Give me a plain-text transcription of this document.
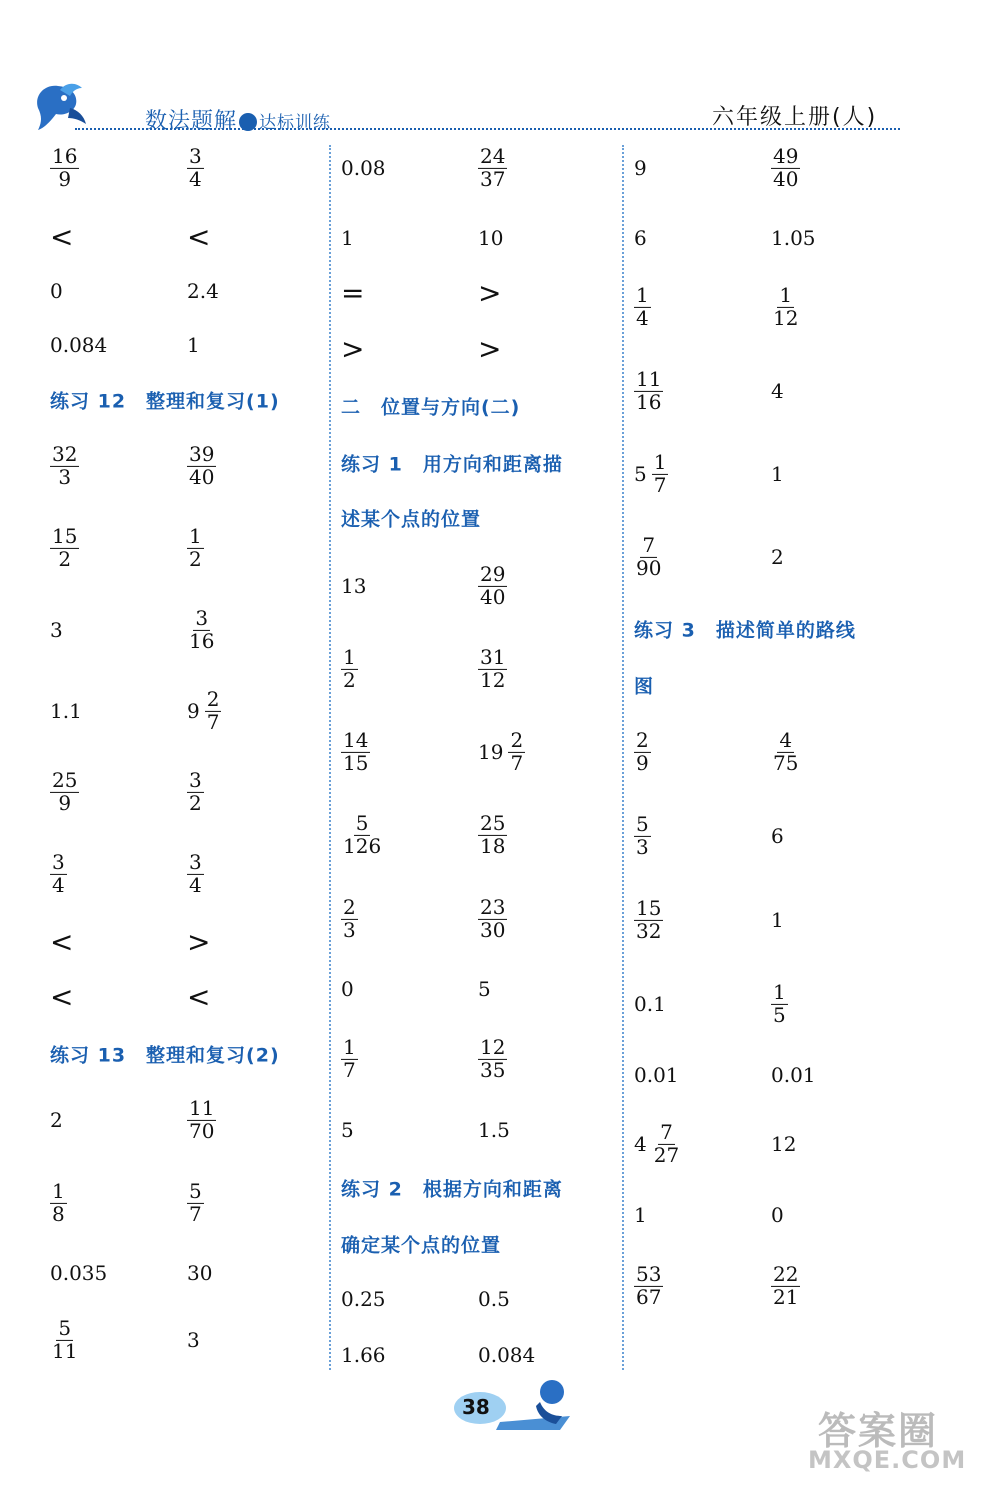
数法题解 达标训练	六年级上册(人)
$\frac{16}{9}$	$\frac{3}{4}$
<	<
0	2.4
0.084	1
练习 12　整理和复习(1)
$\frac{32}{3}$	$\frac{39}{40}$
$\frac{15}{2}$	$\frac{1}{2}$
3	$\frac{3}{16}$
1.1	$9 \frac{2}{7}$
$\frac{25}{9}$	$\frac{3}{2}$
$\frac{3}{4}$	$\frac{3}{4}$
<	>
<	<
练习 13　整理和复习(2)
2	$\frac{11}{70}$
$\frac{1}{8}$	$\frac{5}{7}$
0.035	30
$\frac{5}{11}$	3
0.08	$\frac{24}{37}$
1	10
=	>
>	>
二　位置与方向(二)
练习 1　用方向和距离描
述某个点的位置
13	$\frac{29}{40}$
$\frac{1}{2}$	$\frac{31}{12}$
$\frac{14}{15}$	$19 \frac{2}{7}$
$\frac{5}{126}$	$\frac{25}{18}$
$\frac{2}{3}$	$\frac{23}{30}$
0	5
$\frac{1}{7}$	$\frac{12}{35}$
5	1.5
练习 2　根据方向和距离
确定某个点的位置
0.25	0.5
1.66	0.084
9	$\frac{49}{40}$
6	1.05
$\frac{1}{4}$	$\frac{1}{12}$
$\frac{11}{16}$	4
$5 \frac{1}{7}$	1
$\frac{7}{90}$	2
练习 3　描述简单的路线
图
$\frac{2}{9}$	$\frac{4}{75}$
$\frac{5}{3}$	6
$\frac{15}{32}$	1
0.1	$\frac{1}{5}$
0.01	0.01
$4 \frac{7}{27}$	12
1	0
$\frac{53}{67}$	$\frac{22}{21}$
38
答案圈
MXQE.COM
